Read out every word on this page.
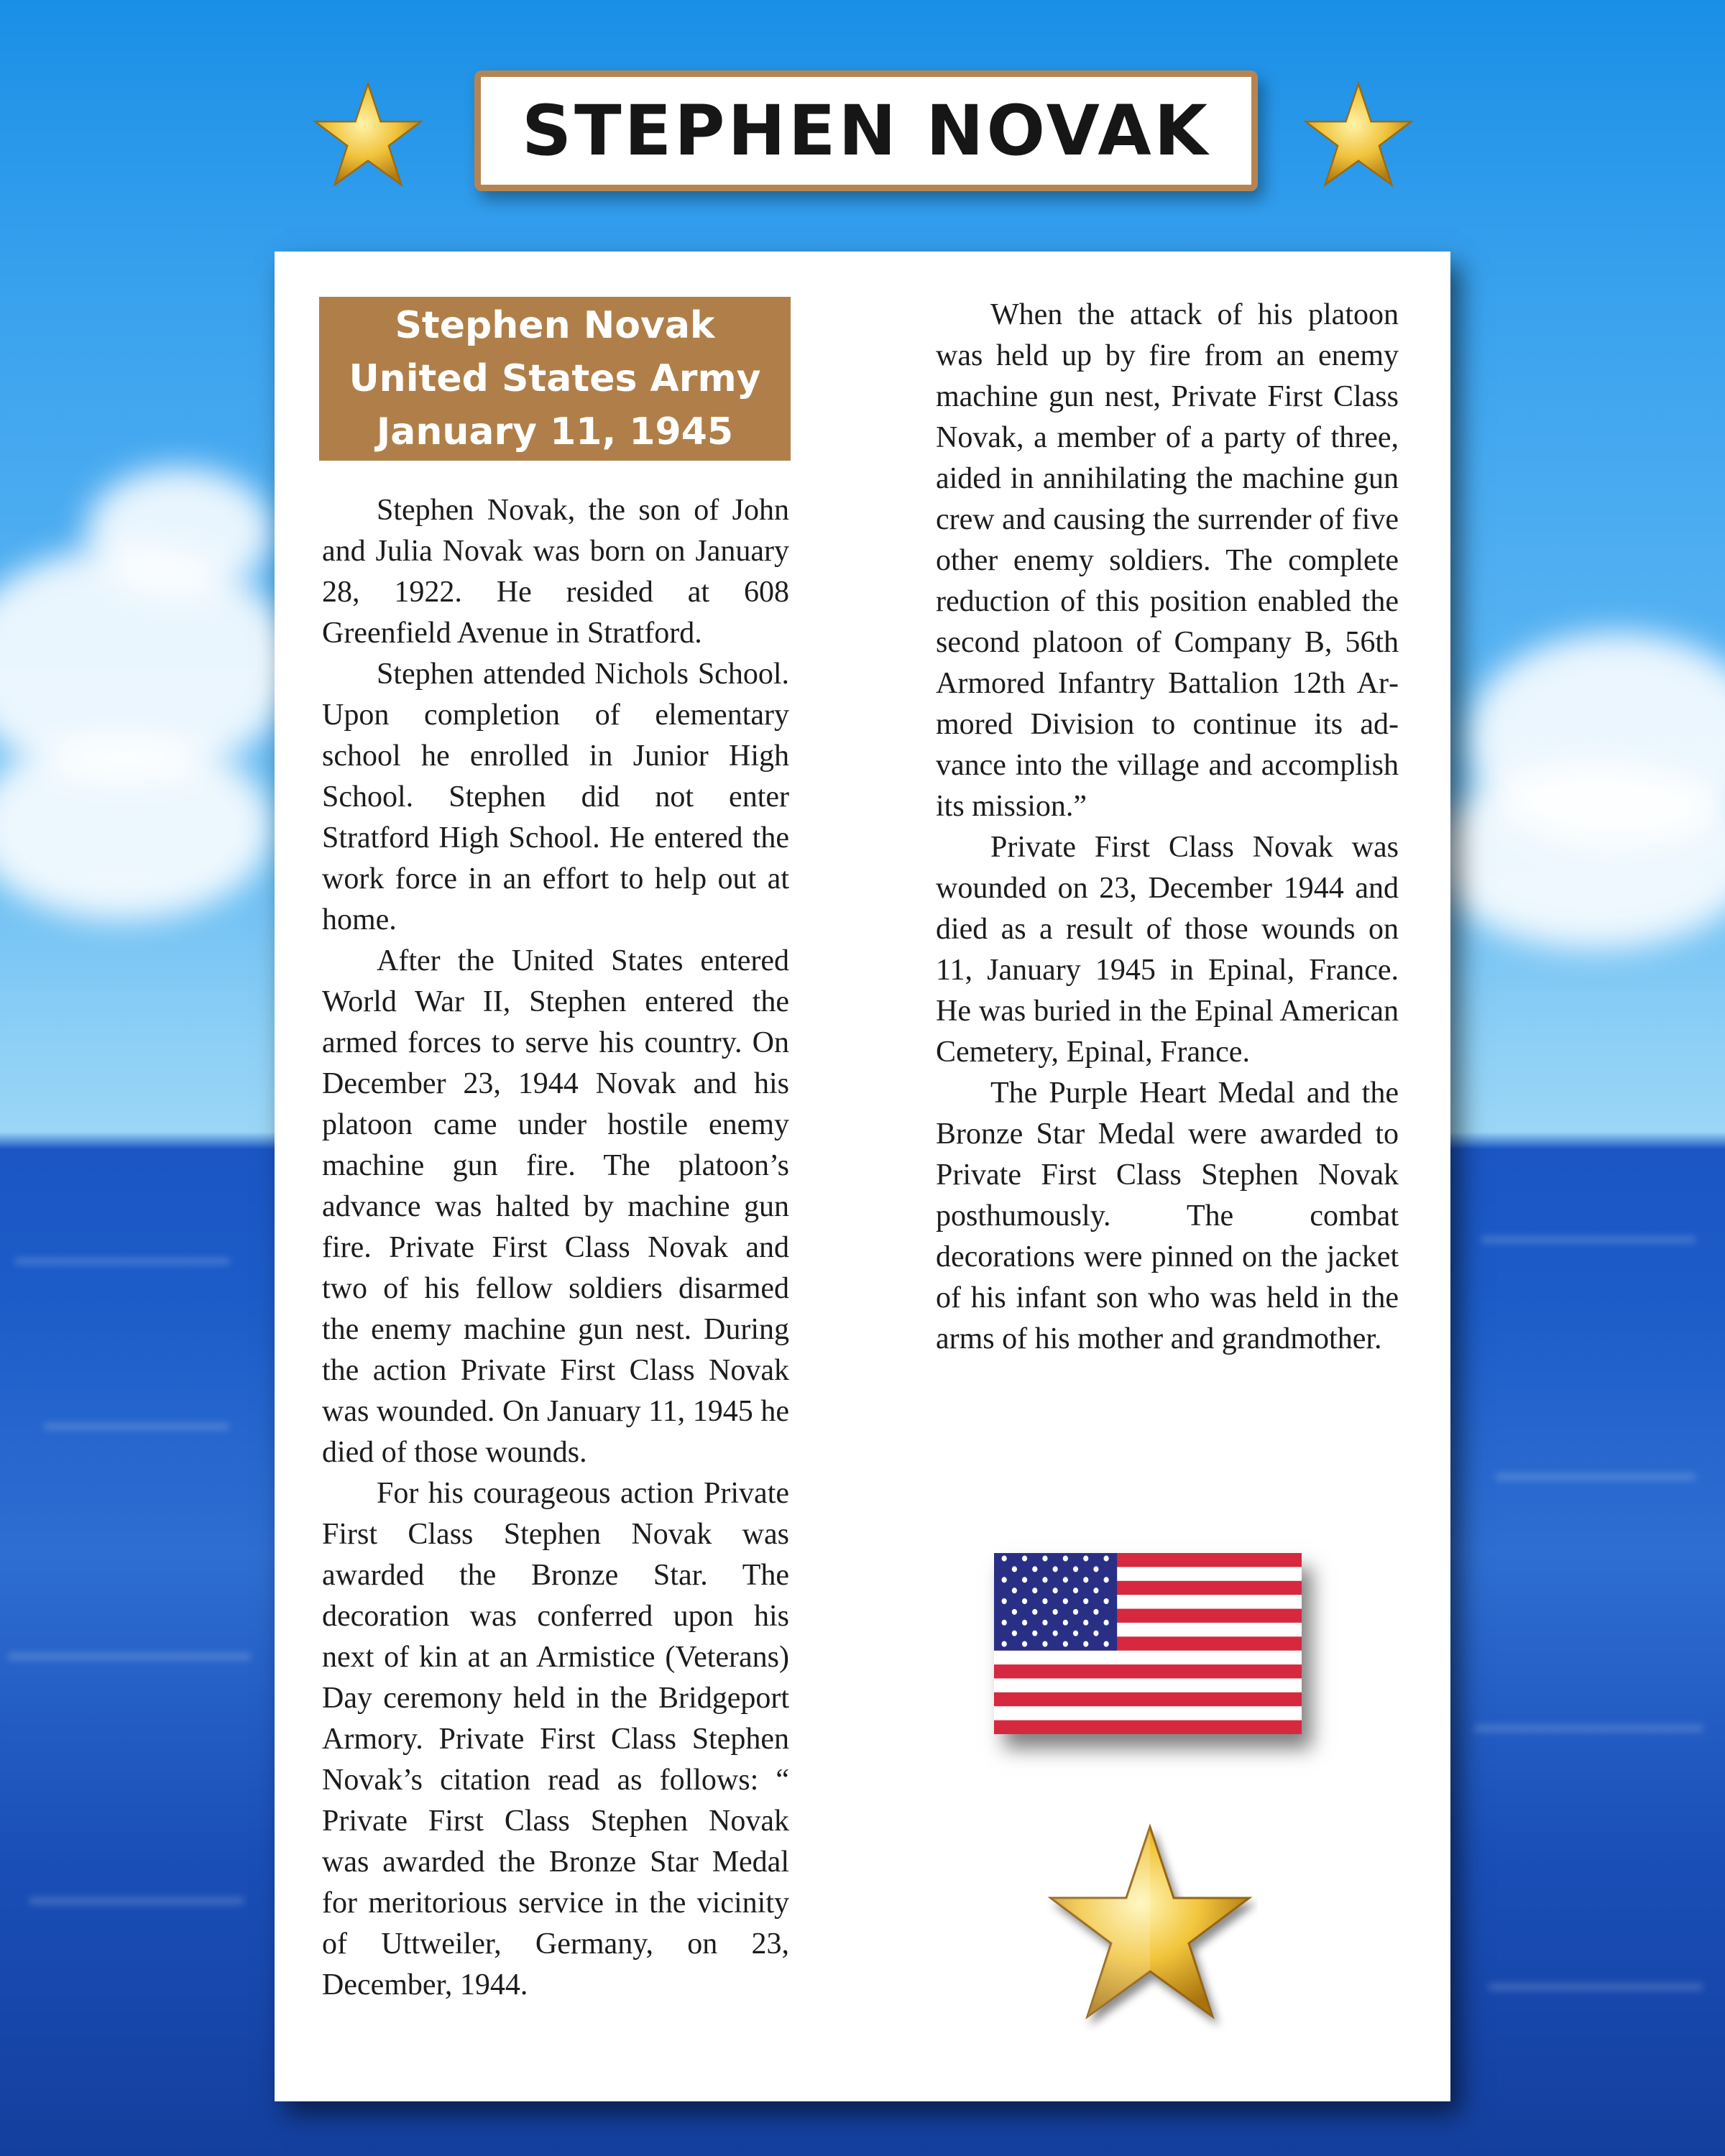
STEPHEN NOVAK
Stephen Novak
United States Army
January 11, 1945

Stephen Novak, the son of John and Julia Novak was born on January 28, 1922. He resided at 608 Greenfield Avenue in Stratford.

Stephen attended Nichols School. Upon completion of elementary school he enrolled in Junior High School. Stephen did not enter Stratford High School. He entered the work force in an effort to help out at home.

After the United States entered World War II, Stephen entered the armed forces to serve his country. On December 23, 1944 Novak and his platoon came under hostile enemy machine gun fire. The platoon’s advance was halted by machine gun fire. Private First Class Novak and two of his fellow soldiers disarmed the enemy machine gun nest. During the action Private First Class Novak was wounded. On January 11, 1945 he died of those wounds.

For his courageous action Private First Class Stephen Novak was awarded the Bronze Star. The decoration was conferred upon his next of kin at an Armistice (Veterans) Day ceremony held in the Bridgeport Armory. Private First Class Stephen Novak’s citation read as follows: “ Private First Class Stephen Novak was awarded the Bronze Star Medal for meritorious service in the vicinity of Uttweiler, Germany, on 23, December, 1944.

When the attack of his platoon was held up by fire from an enemy machine gun nest, Private First Class Novak, a member of a party of three, aided in annihilating the machine gun crew and causing the surrender of five other enemy soldiers. The complete reduction of this position enabled the second platoon of Company B, 56th Armored Infantry Battalion 12th Armored Division to continue its advance into the village and accomplish its mission.”

Private First Class Novak was wounded on 23, December 1944 and died as a result of those wounds on 11, January 1945 in Epinal, France. He was buried in the Epinal American Cemetery, Epinal, France.

The Purple Heart Medal and the Bronze Star Medal were awarded to Private First Class Stephen Novak posthumously. The combat decorations were pinned on the jacket of his infant son who was held in the arms of his mother and grandmother.
